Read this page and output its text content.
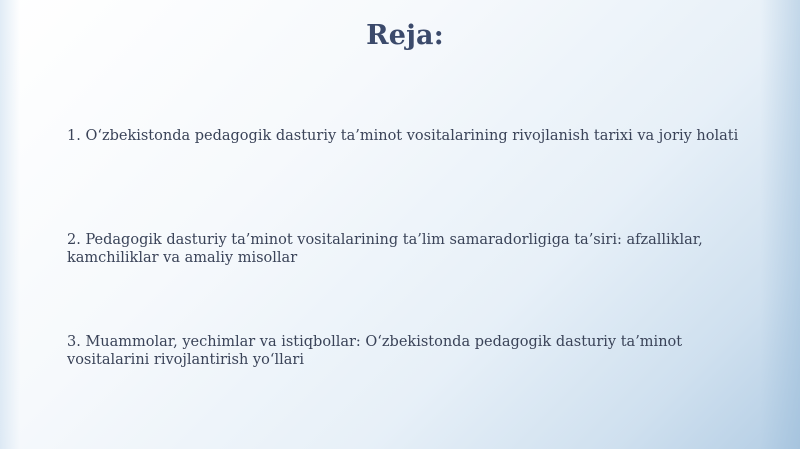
Reja:
1. O‘zbekistonda pedagogik dasturiy ta’minot vositalarining rivojlanish tarixi va joriy holati
2. Pedagogik dasturiy ta’minot vositalarining ta’lim samaradorligiga ta’siri: afzalliklar, kamchiliklar va amaliy misollar
3. Muammolar, yechimlar va istiqbollar: O‘zbekistonda pedagogik dasturiy ta’minot vositalarini rivojlantirish yo‘llari
